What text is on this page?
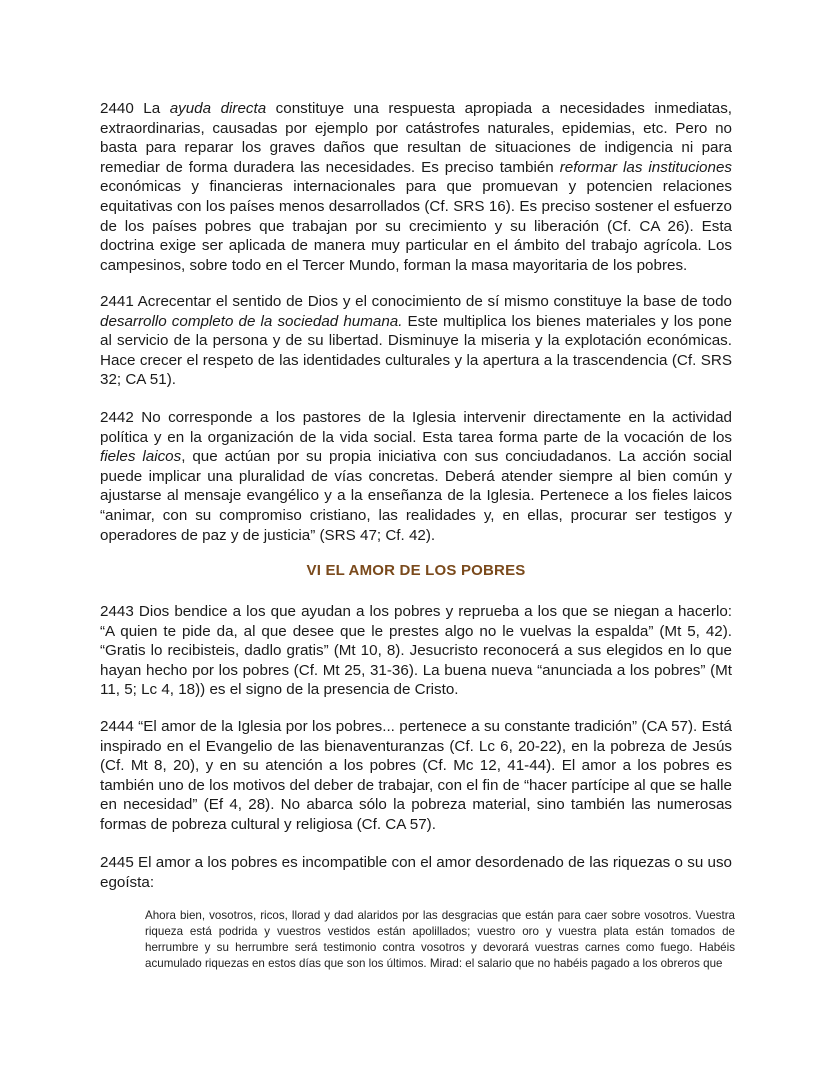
2440 La ayuda directa constituye una respuesta apropiada a necesidades inmediatas, extraordinarias, causadas por ejemplo por catástrofes naturales, epidemias, etc. Pero no basta para reparar los graves daños que resultan de situaciones de indigencia ni para remediar de forma duradera las necesidades. Es preciso también reformar las instituciones económicas y financieras internacionales para que promuevan y potencien relaciones equitativas con los países menos desarrollados (Cf. SRS 16). Es preciso sostener el esfuerzo de los países pobres que trabajan por su crecimiento y su liberación (Cf. CA 26). Esta doctrina exige ser aplicada de manera muy particular en el ámbito del trabajo agrícola. Los campesinos, sobre todo en el Tercer Mundo, forman la masa mayoritaria de los pobres.

2441 Acrecentar el sentido de Dios y el conocimiento de sí mismo constituye la base de todo desarrollo completo de la sociedad humana. Este multiplica los bienes materiales y los pone al servicio de la persona y de su libertad. Disminuye la miseria y la explotación económicas. Hace crecer el respeto de las identidades culturales y la apertura a la trascendencia (Cf. SRS 32; CA 51).

2442 No corresponde a los pastores de la Iglesia intervenir directamente en la actividad política y en la organización de la vida social. Esta tarea forma parte de la vocación de los fieles laicos, que actúan por su propia iniciativa con sus conciudadanos. La acción social puede implicar una pluralidad de vías concretas. Deberá atender siempre al bien común y ajustarse al mensaje evangélico y a la enseñanza de la Iglesia. Pertenece a los fieles laicos “animar, con su compromiso cristiano, las realidades y, en ellas, procurar ser testigos y operadores de paz y de justicia” (SRS 47; Cf. 42).

VI EL AMOR DE LOS POBRES

2443 Dios bendice a los que ayudan a los pobres y reprueba a los que se niegan a hacerlo: “A quien te pide da, al que desee que le prestes algo no le vuelvas la espalda” (Mt 5, 42). “Gratis lo recibisteis, dadlo gratis” (Mt 10, 8). Jesucristo reconocerá a sus elegidos en lo que hayan hecho por los pobres (Cf. Mt 25, 31-36). La buena nueva “anunciada a los pobres” (Mt 11, 5; Lc 4, 18)) es el signo de la presencia de Cristo.

2444 “El amor de la Iglesia por los pobres... pertenece a su constante tradición” (CA 57). Está inspirado en el Evangelio de las bienaventuranzas (Cf. Lc 6, 20-22), en la pobreza de Jesús (Cf. Mt 8, 20), y en su atención a los pobres (Cf. Mc 12, 41-44). El amor a los pobres es también uno de los motivos del deber de trabajar, con el fin de “hacer partícipe al que se halle en necesidad” (Ef 4, 28). No abarca sólo la pobreza material, sino también las numerosas formas de pobreza cultural y religiosa (Cf. CA 57).

2445 El amor a los pobres es incompatible con el amor desordenado de las riquezas o su uso egoísta:

Ahora bien, vosotros, ricos, llorad y dad alaridos por las desgracias que están para caer sobre vosotros. Vuestra riqueza está podrida y vuestros vestidos están apolillados; vuestro oro y vuestra plata están tomados de herrumbre y su herrumbre será testimonio contra vosotros y devorará vuestras carnes como fuego. Habéis acumulado riquezas en estos días que son los últimos. Mirad: el salario que no habéis pagado a los obreros que
